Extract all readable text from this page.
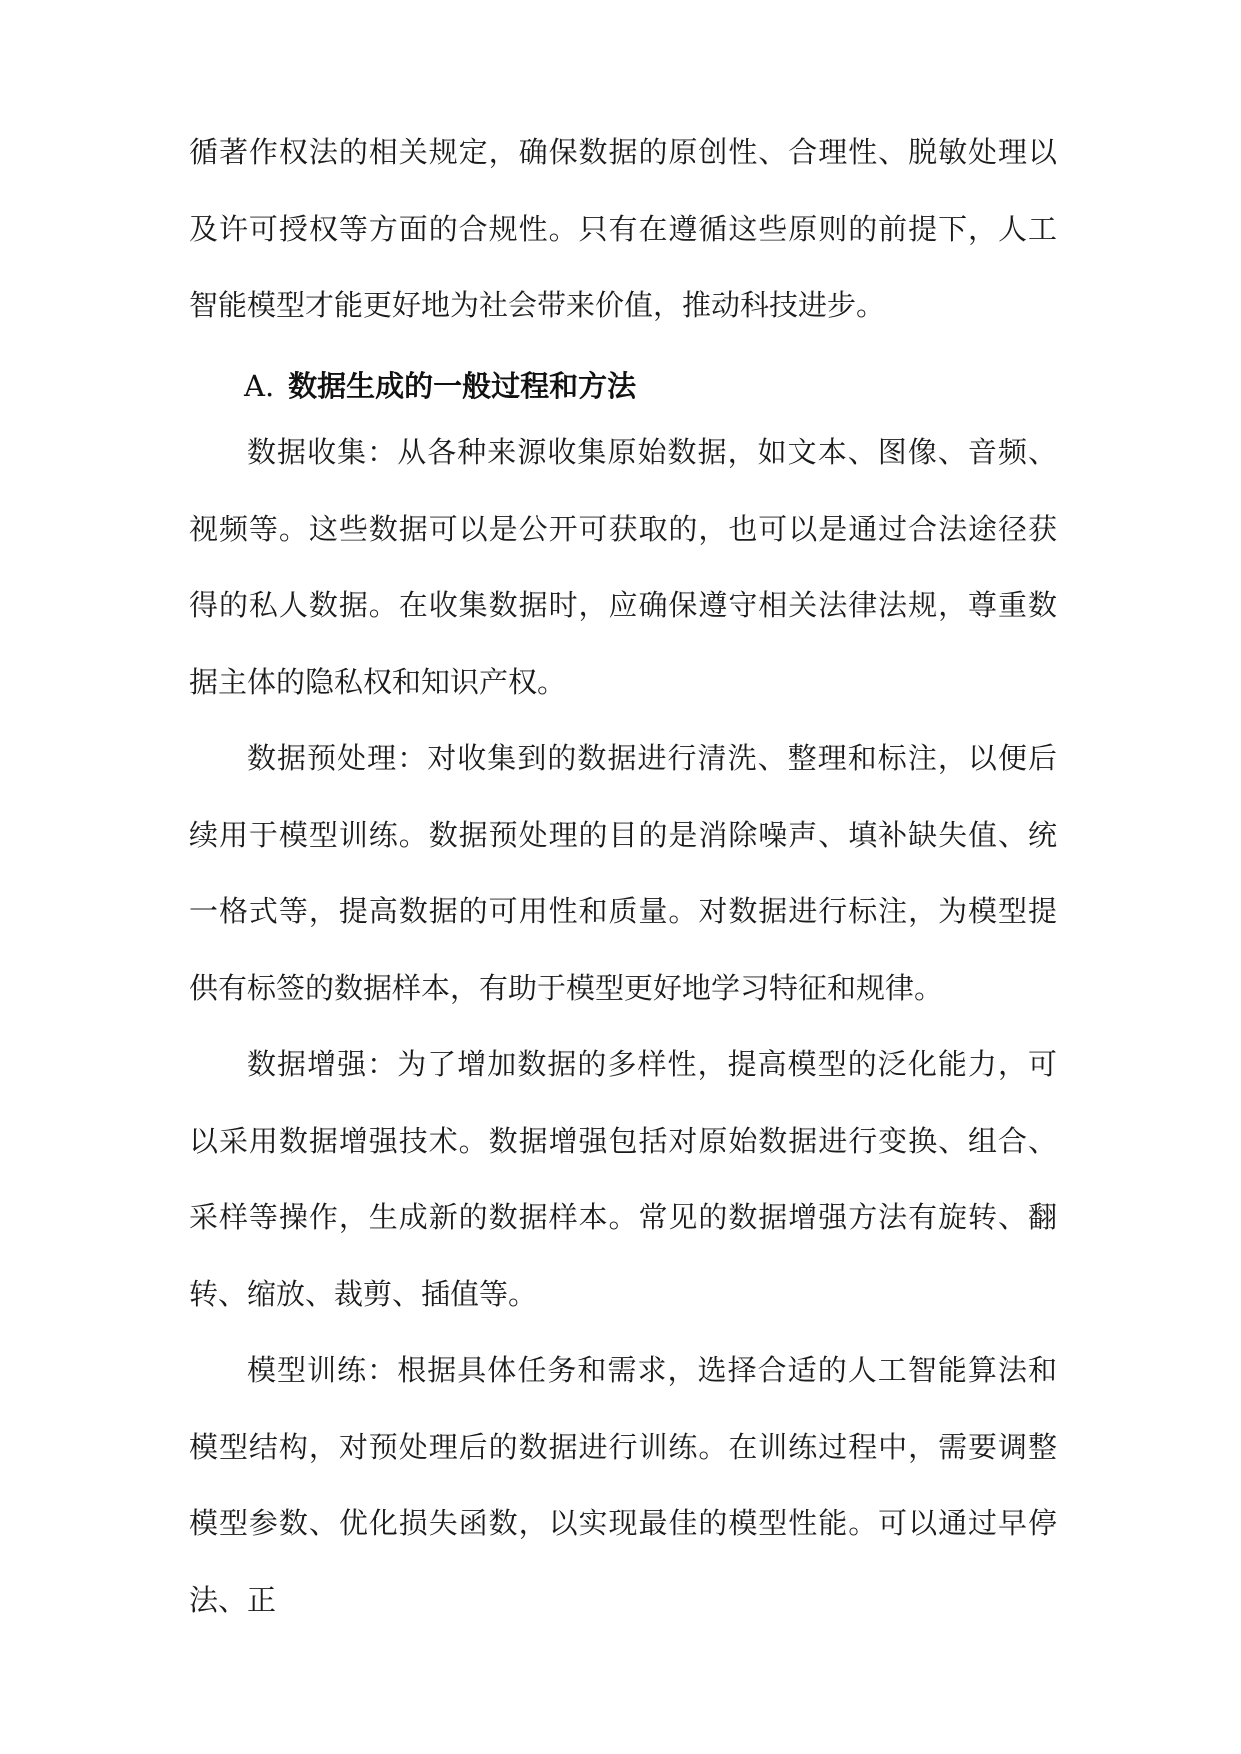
循著作权法的相关规定，确保数据的原创性、合理性、脱敏处理以及许可授权等方面的合规性。只有在遵循这些原则的前提下，人工智能模型才能更好地为社会带来价值，推动科技进步。

A. 数据生成的一般过程和方法

数据收集：从各种来源收集原始数据，如文本、图像、音频、视频等。这些数据可以是公开可获取的，也可以是通过合法途径获得的私人数据。在收集数据时，应确保遵守相关法律法规，尊重数据主体的隐私权和知识产权。

数据预处理：对收集到的数据进行清洗、整理和标注，以便后续用于模型训练。数据预处理的目的是消除噪声、填补缺失值、统一格式等，提高数据的可用性和质量。对数据进行标注，为模型提供有标签的数据样本，有助于模型更好地学习特征和规律。

数据增强：为了增加数据的多样性，提高模型的泛化能力，可以采用数据增强技术。数据增强包括对原始数据进行变换、组合、采样等操作，生成新的数据样本。常见的数据增强方法有旋转、翻转、缩放、裁剪、插值等。

模型训练：根据具体任务和需求，选择合适的人工智能算法和模型结构，对预处理后的数据进行训练。在训练过程中，需要调整模型参数、优化损失函数，以实现最佳的模型性能。可以通过早停法、正
